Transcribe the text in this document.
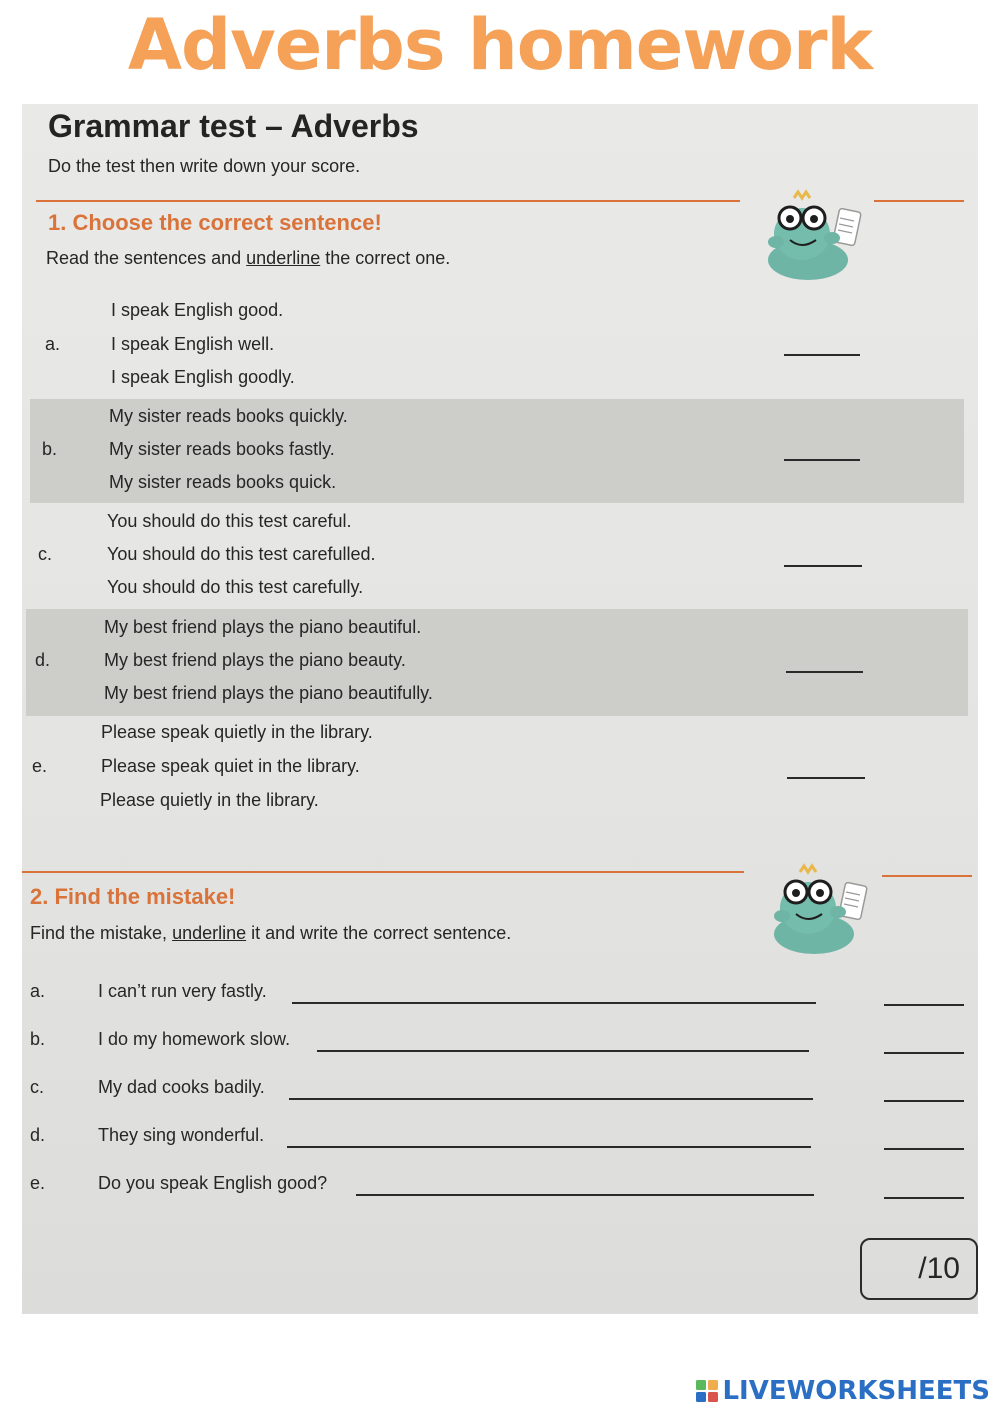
Adverbs homework
Grammar test – Adverbs
Do the test then write down your score.
1. Choose the correct sentence!
Read the sentences and underline the correct one.
I speak English good.
a.	I speak English well.
I speak English goodly.
My sister reads books quickly.
b.	My sister reads books fastly.
My sister reads books quick.
You should do this test careful.
c.	You should do this test carefulled.
You should do this test carefully.
My best friend plays the piano beautiful.
d.	My best friend plays the piano beauty.
My best friend plays the piano beautifully.
Please speak quietly in the library.
e.	Please speak quiet in the library.
Please quietly in the library.
2. Find the mistake!
Find the mistake, underline it and write the correct sentence.
a.	I can’t run very fastly.
b.	I do my homework slow.
c.	My dad cooks badily.
d.	They sing wonderful.
e.	Do you speak English good?
/10
LIVEWORKSHEETS
